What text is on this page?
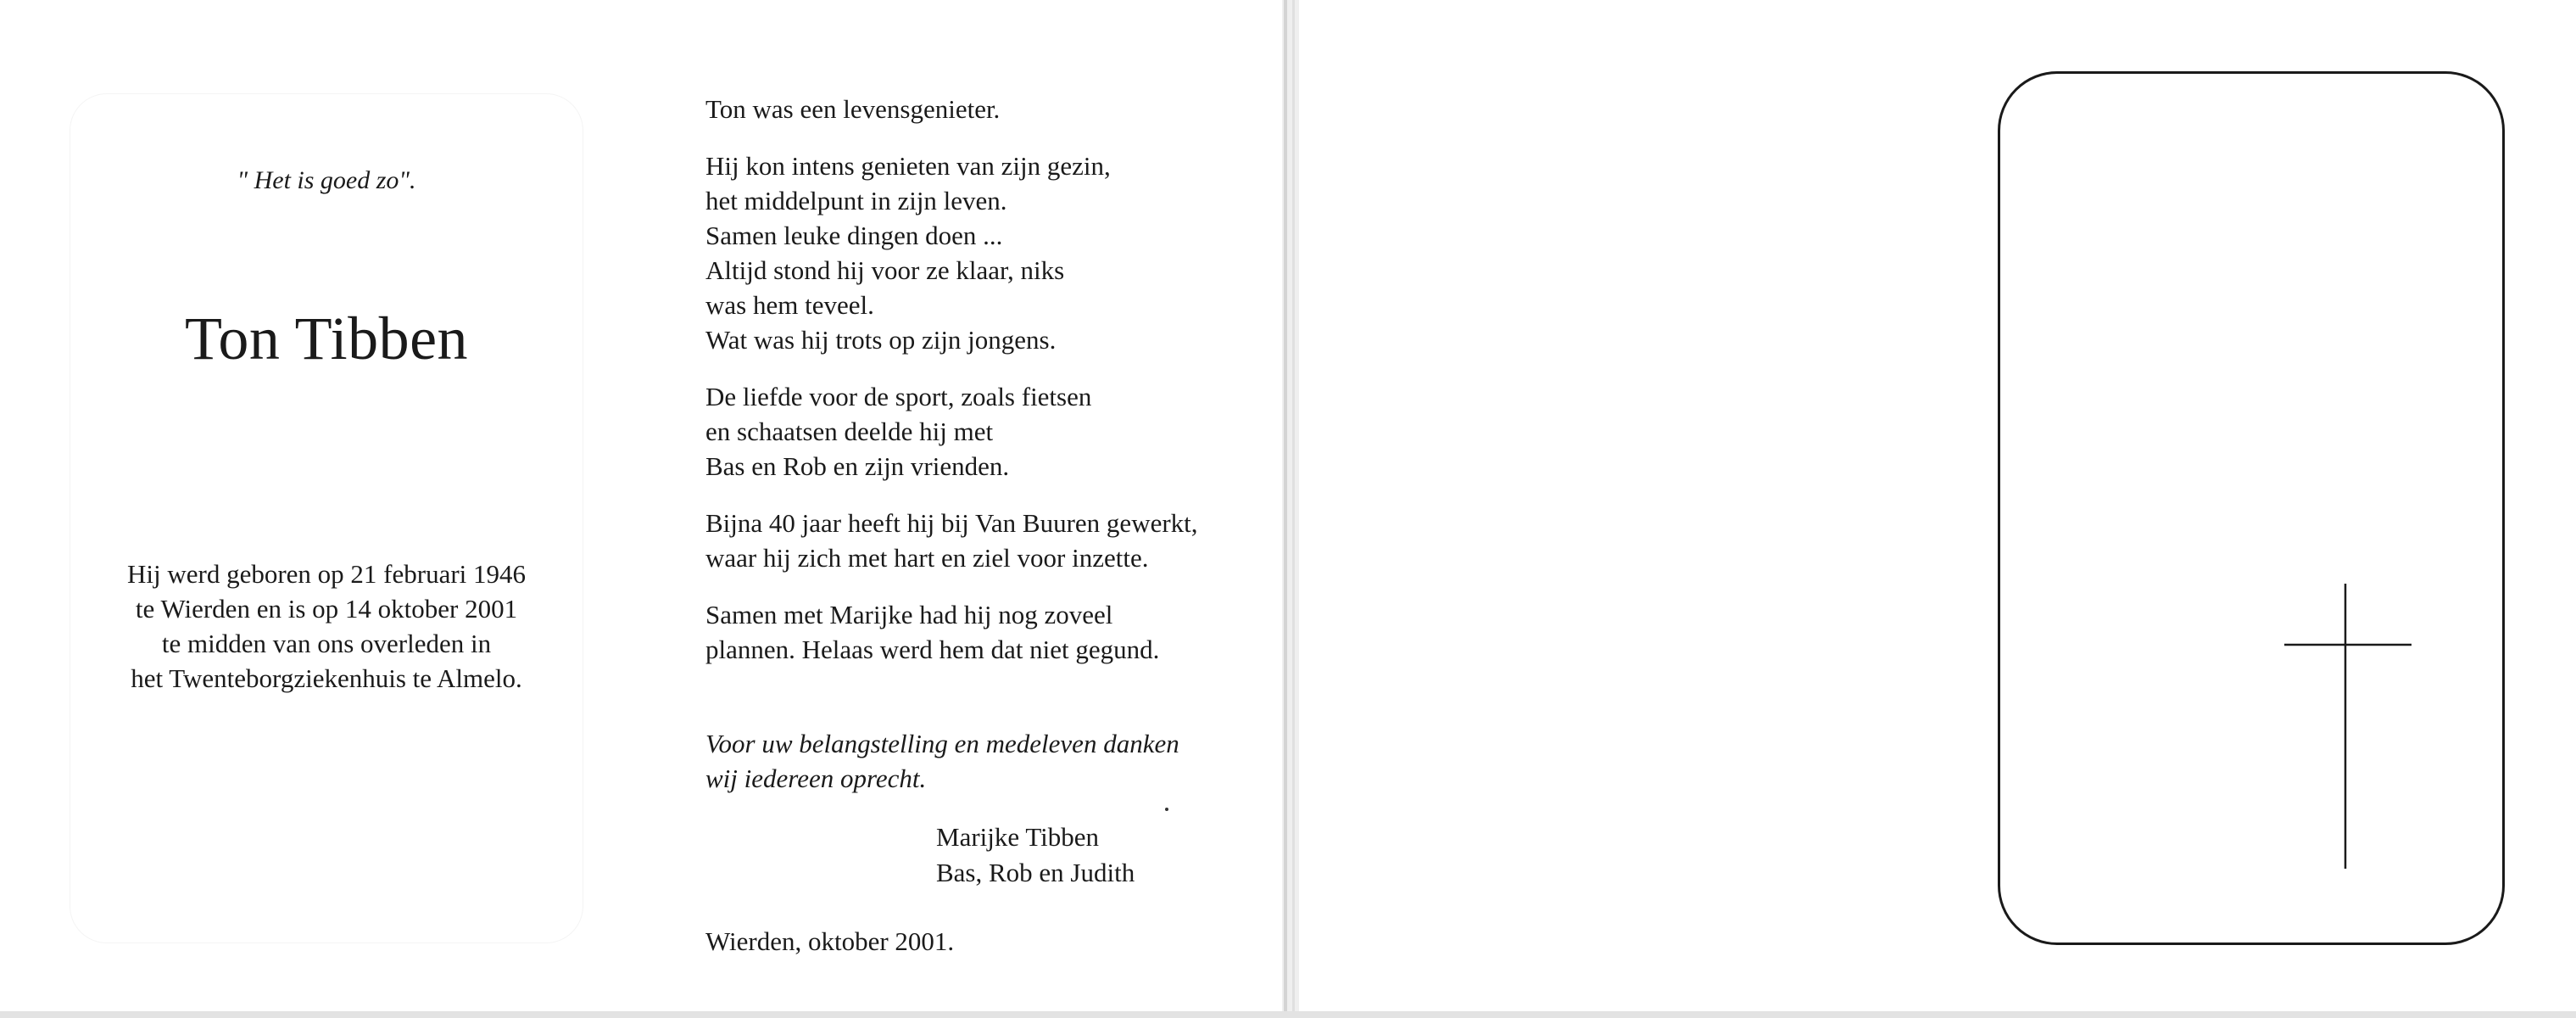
" Het is goed zo".
Ton Tibben
Hij werd geboren op 21 februari 1946
te Wierden en is op 14 oktober 2001
te midden van ons overleden in
het Twenteborgziekenhuis te Almelo.
Ton was een levensgenieter.
Hij kon intens genieten van zijn gezin,
het middelpunt in zijn leven.
Samen leuke dingen doen ...
Altijd stond hij voor ze klaar, niks
was hem teveel.
Wat was hij trots op zijn jongens.
De liefde voor de sport, zoals fietsen
en schaatsen deelde hij met
Bas en Rob en zijn vrienden.
Bijna 40 jaar heeft hij bij Van Buuren gewerkt,
waar hij zich met hart en ziel voor inzette.
Samen met Marijke had hij nog zoveel
plannen. Helaas werd hem dat niet gegund.
Voor uw belangstelling en medeleven danken
wij iedereen oprecht.
Marijke Tibben
Bas, Rob en Judith
Wierden, oktober 2001.
